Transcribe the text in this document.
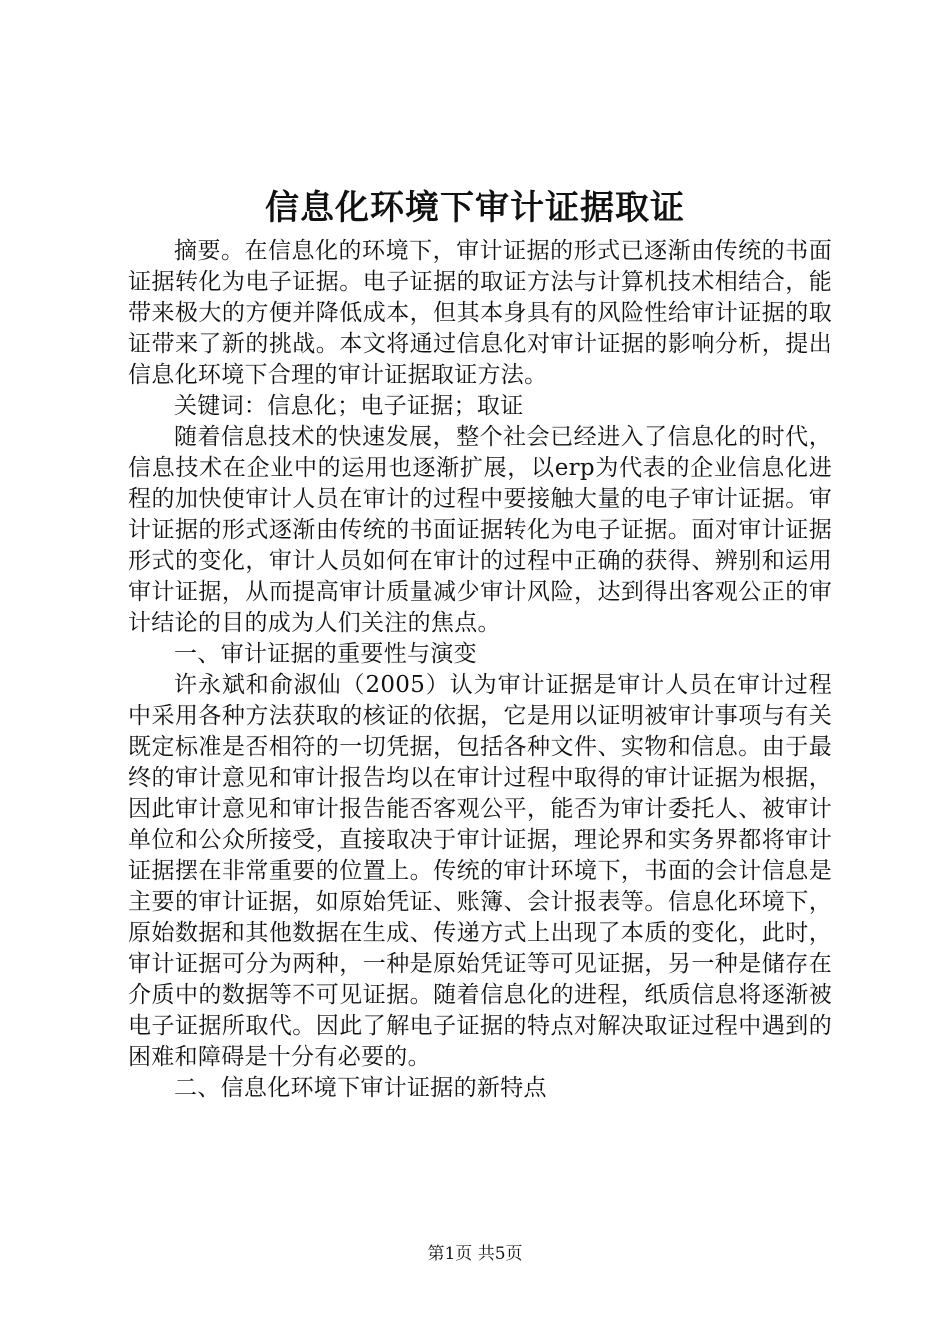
信息化环境下审计证据取证

摘要。在信息化的环境下，审计证据的形式已逐渐由传统的书面证据转化为电子证据。电子证据的取证方法与计算机技术相结合，能带来极大的方便并降低成本，但其本身具有的风险性给审计证据的取证带来了新的挑战。本文将通过信息化对审计证据的影响分析，提出信息化环境下合理的审计证据取证方法。

关键词：信息化；电子证据；取证

随着信息技术的快速发展，整个社会已经进入了信息化的时代，信息技术在企业中的运用也逐渐扩展，以erp为代表的企业信息化进程的加快使审计人员在审计的过程中要接触大量的电子审计证据。审计证据的形式逐渐由传统的书面证据转化为电子证据。面对审计证据形式的变化，审计人员如何在审计的过程中正确的获得、辨别和运用审计证据，从而提高审计质量减少审计风险，达到得出客观公正的审计结论的目的成为人们关注的焦点。

一、审计证据的重要性与演变

许永斌和俞淑仙（2005）认为审计证据是审计人员在审计过程中采用各种方法获取的核证的依据，它是用以证明被审计事项与有关既定标准是否相符的一切凭据，包括各种文件、实物和信息。由于最终的审计意见和审计报告均以在审计过程中取得的审计证据为根据，因此审计意见和审计报告能否客观公平，能否为审计委托人、被审计单位和公众所接受，直接取决于审计证据，理论界和实务界都将审计证据摆在非常重要的位置上。传统的审计环境下，书面的会计信息是主要的审计证据，如原始凭证、账簿、会计报表等。信息化环境下，原始数据和其他数据在生成、传递方式上出现了本质的变化，此时，审计证据可分为两种，一种是原始凭证等可见证据，另一种是储存在介质中的数据等不可见证据。随着信息化的进程，纸质信息将逐渐被电子证据所取代。因此了解电子证据的特点对解决取证过程中遇到的困难和障碍是十分有必要的。

二、信息化环境下审计证据的新特点

第1页 共5页
